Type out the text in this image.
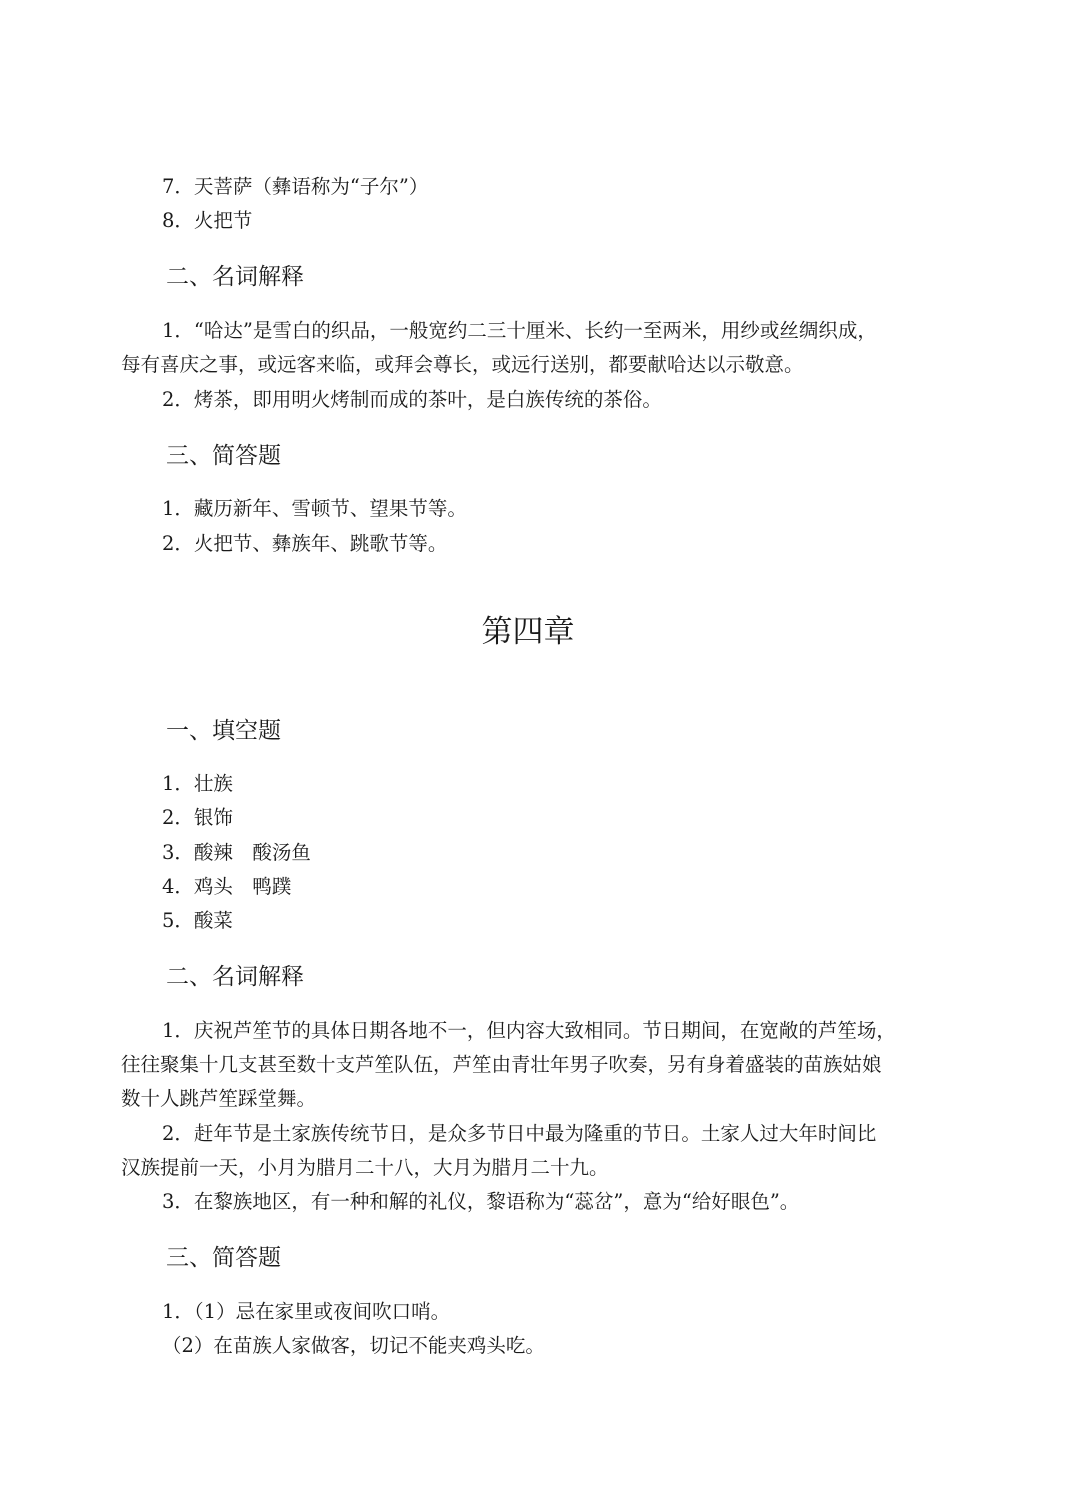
7．天菩萨（彝语称为“子尔”）
8．火把节
二、名词解释
1．“哈达”是雪白的织品，一般宽约二三十厘米、长约一至两米，用纱或丝绸织成，
每有喜庆之事，或远客来临，或拜会尊长，或远行送别，都要献哈达以示敬意。
2．烤茶，即用明火烤制而成的茶叶，是白族传统的茶俗。
三、简答题
1．藏历新年、雪顿节、望果节等。
2．火把节、彝族年、跳歌节等。
第四章
一、填空题
1．壮族
2．银饰
3．酸辣　酸汤鱼
4．鸡头　鸭蹼
5．酸菜
二、名词解释
1．庆祝芦笙节的具体日期各地不一，但内容大致相同。节日期间，在宽敞的芦笙场，
往往聚集十几支甚至数十支芦笙队伍，芦笙由青壮年男子吹奏，另有身着盛装的苗族姑娘
数十人跳芦笙踩堂舞。
2．赶年节是土家族传统节日，是众多节日中最为隆重的节日。土家人过大年时间比
汉族提前一天，小月为腊月二十八，大月为腊月二十九。
3．在黎族地区，有一种和解的礼仪，黎语称为“蕊岔”，意为“给好眼色”。
三、简答题
1．（1）忌在家里或夜间吹口哨。
（2）在苗族人家做客，切记不能夹鸡头吃。
